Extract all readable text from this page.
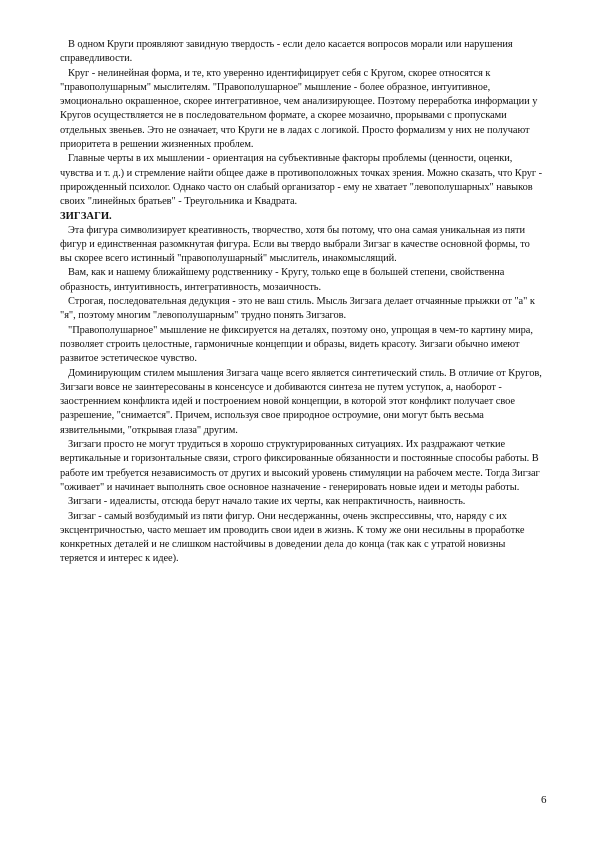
В одном Круги проявляют завидную твердость - если дело касается вопросов морали или нарушения справедливости.

Круг - нелинейная форма, и те, кто уверенно идентифицирует себя с Кругом, скорее относятся к "правополушарным" мыслителям. "Правополушарное" мышление - более образное, интуитивное, эмоционально окрашенное, скорее интегративное, чем анализирующее. Поэтому переработка информации у Кругов осуществляется не в последовательном формате, а скорее мозаично, прорывами с пропусками отдельных звеньев. Это не означает, что Круги не в ладах с логикой. Просто формализм у них не получают приоритета в решении жизненных проблем.

Главные черты в их мышлении - ориентация на субъективные факторы проблемы (ценности, оценки, чувства и т. д.) и стремление найти общее даже в противоположных точках зрения. Можно сказать, что Круг - прирожденный психолог. Однако часто он слабый организатор - ему не хватает "левополушарных" навыков своих "линейных братьев" - Треугольника и Квадрата.

ЗИГЗАГИ.

Эта фигура символизирует креативность, творчество, хотя бы потому, что она самая уникальная из пяти фигур и единственная разомкнутая фигура. Если вы твердо выбрали Зигзаг в качестве основной формы, то вы скорее всего истинный "правополушарный" мыслитель, инакомыслящий.

Вам, как и нашему ближайшему родственнику - Кругу, только еще в большей степени, свойственна образность, интуитивность, интегративность, мозаичность.

Строгая, последовательная дедукция - это не ваш стиль. Мысль Зигзага делает отчаянные прыжки от "а" к "я", поэтому многим "левополушарным" трудно понять Зигзагов.

"Правополушарное" мышление не фиксируется на деталях, поэтому оно, упрощая в чем-то картину мира, позволяет строить целостные, гармоничные концепции и образы, видеть красоту. Зигзаги обычно имеют развитое эстетическое чувство.

Доминирующим стилем мышления Зигзага чаще всего является синтетический стиль. В отличие от Кругов, Зигзаги вовсе не заинтересованы в консенсусе и добиваются синтеза не путем уступок, а, наоборот - заостреннием конфликта идей и построением новой концепции, в которой этот конфликт получает свое разрешение, "снимается". Причем, используя свое природное остроумие, они могут быть весьма язвительными, "открывая глаза" другим.

Зигзаги просто не могут трудиться в хорошо структурированных ситуациях. Их раздражают четкие вертикальные и горизонтальные связи, строго фиксированные обязанности и постоянные способы работы. В работе им требуется независимость от других и высокий уровень стимуляции на рабочем месте. Тогда Зигзаг "оживает" и начинает выполнять свое основное назначение - генерировать новые идеи и методы работы.

Зигзаги - идеалисты, отсюда берут начало такие их черты, как непрактичность, наивность.

Зигзаг - самый возбудимый из пяти фигур. Они несдержанны, очень экспрессивны, что, наряду с их эксцентричностью, часто мешает им проводить свои идеи в жизнь. К тому же они несильны в проработке конкретных деталей и не слишком настойчивы в доведении дела до конца (так как с утратой новизны теряется и интерес к идее).

6
